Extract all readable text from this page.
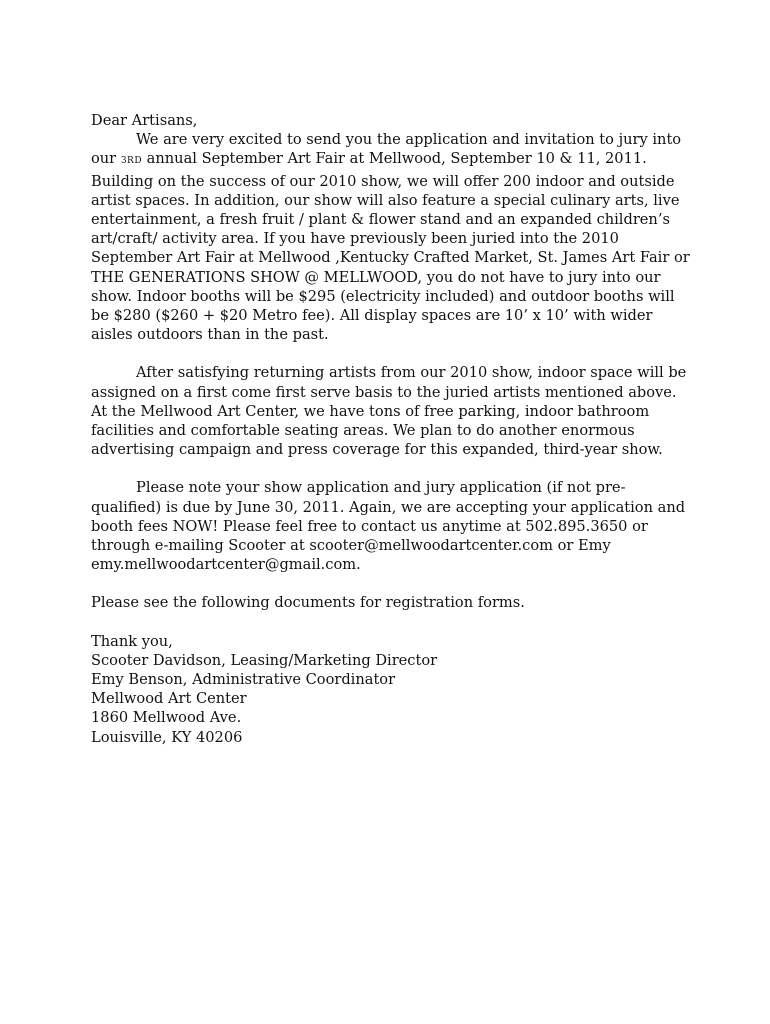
Dear Artisans,

We are very excited to send you the application and invitation to jury into our 3RD annual September Art Fair at Mellwood, September 10 & 11, 2011. Building on the success of our 2010 show, we will offer 200 indoor and outside artist spaces. In addition, our show will also feature a special culinary arts, live entertainment, a fresh fruit / plant & flower stand and an expanded children’s art/craft/ activity area. If you have previously been juried into the 2010 September Art Fair at Mellwood ,Kentucky Crafted Market, St. James Art Fair or THE GENERATIONS SHOW @ MELLWOOD, you do not have to jury into our show. Indoor booths will be $295 (electricity included) and outdoor booths will be $280 ($260 + $20 Metro fee). All display spaces are 10’ x 10’ with wider aisles outdoors than in the past.

After satisfying returning artists from our 2010 show, indoor space will be assigned on a first come first serve basis to the juried artists mentioned above. At the Mellwood Art Center, we have tons of free parking, indoor bathroom facilities and comfortable seating areas. We plan to do another enormous advertising campaign and press coverage for this expanded, third-year show.

Please note your show application and jury application (if not pre-qualified) is due by June 30, 2011. Again, we are accepting your application and booth fees NOW! Please feel free to contact us anytime at 502.895.3650 or through e-mailing Scooter at scooter@mellwoodartcenter.com or Emy emy.mellwoodartcenter@gmail.com.

Please see the following documents for registration forms.

Thank you,

Scooter Davidson, Leasing/Marketing Director

Emy Benson, Administrative Coordinator

Mellwood Art Center

1860 Mellwood Ave.

Louisville, KY 40206
